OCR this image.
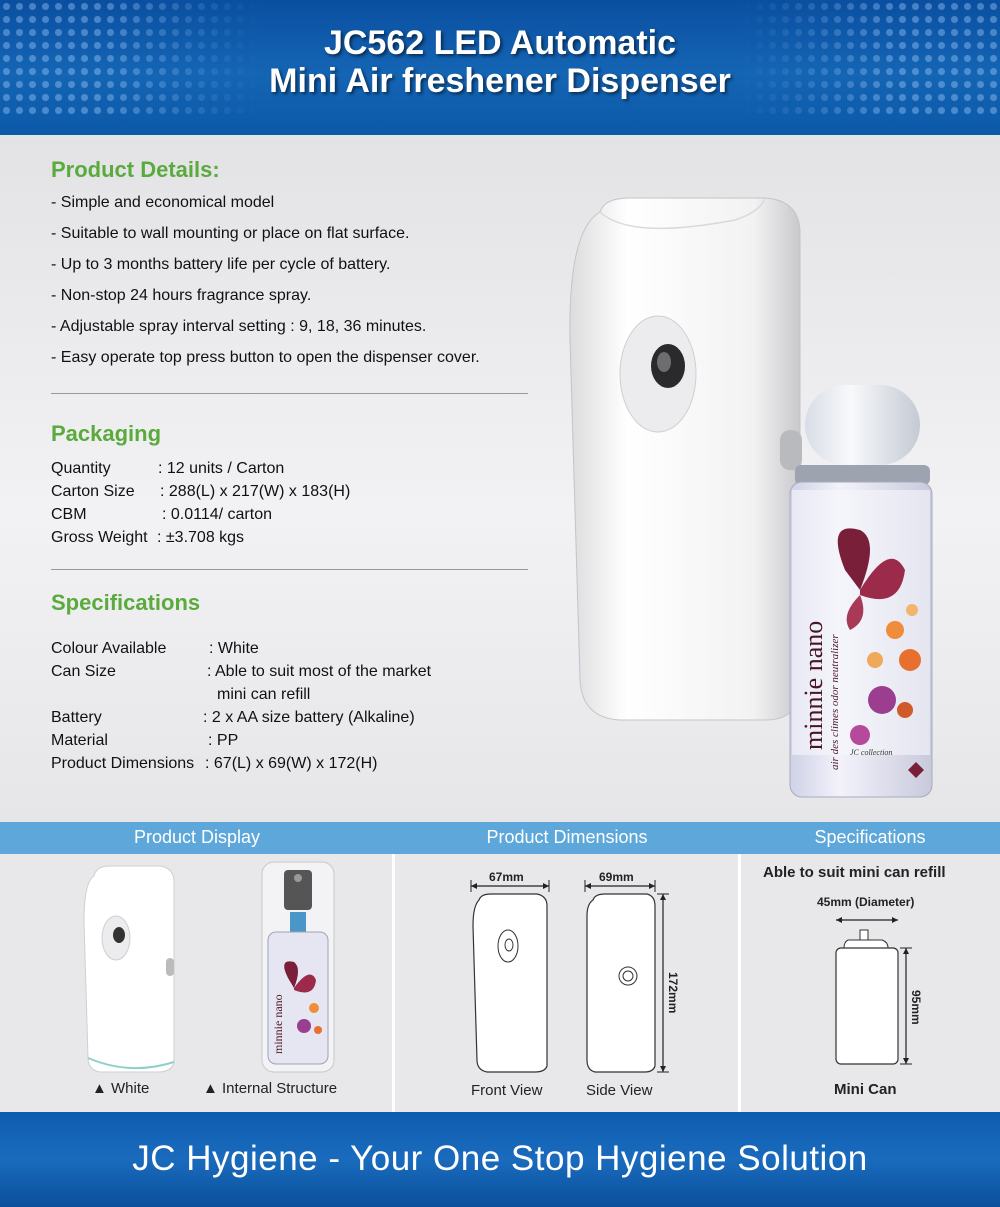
JC562 LED Automatic
Mini Air freshener Dispenser
Product Details:
- Simple and economical model
- Suitable to wall mounting or place on flat surface.
- Up to 3 months battery life per cycle of battery.
- Non-stop 24 hours fragrance spray.
- Adjustable spray interval setting : 9, 18, 36 minutes.
- Easy operate top press button to open the dispenser cover.
Packaging
Quantity	: 12 units / Carton
Carton Size : 288(L) x 217(W) x 183(H)
CBM	: 0.0114/ carton
Gross Weight : ±3.708 kgs
Specifications
Colour Available	: White
Can Size	: Able to suit most of the market
mini can refill
Battery	: 2 x AA size battery (Alkaline)
Material	: PP
Product Dimensions : 67(L) x 69(W) x 172(H)
minnie nano air des climes odor neutralizer JC collection
Product Display	Product Dimensions	Specifications
▲ White
minnie nano
▲ Internal Structure
67mm	69mm
172mm
Front View	Side View
Able to suit mini can refill
45mm (Diameter)
95mm
Mini Can
JC Hygiene - Your One Stop Hygiene Solution
